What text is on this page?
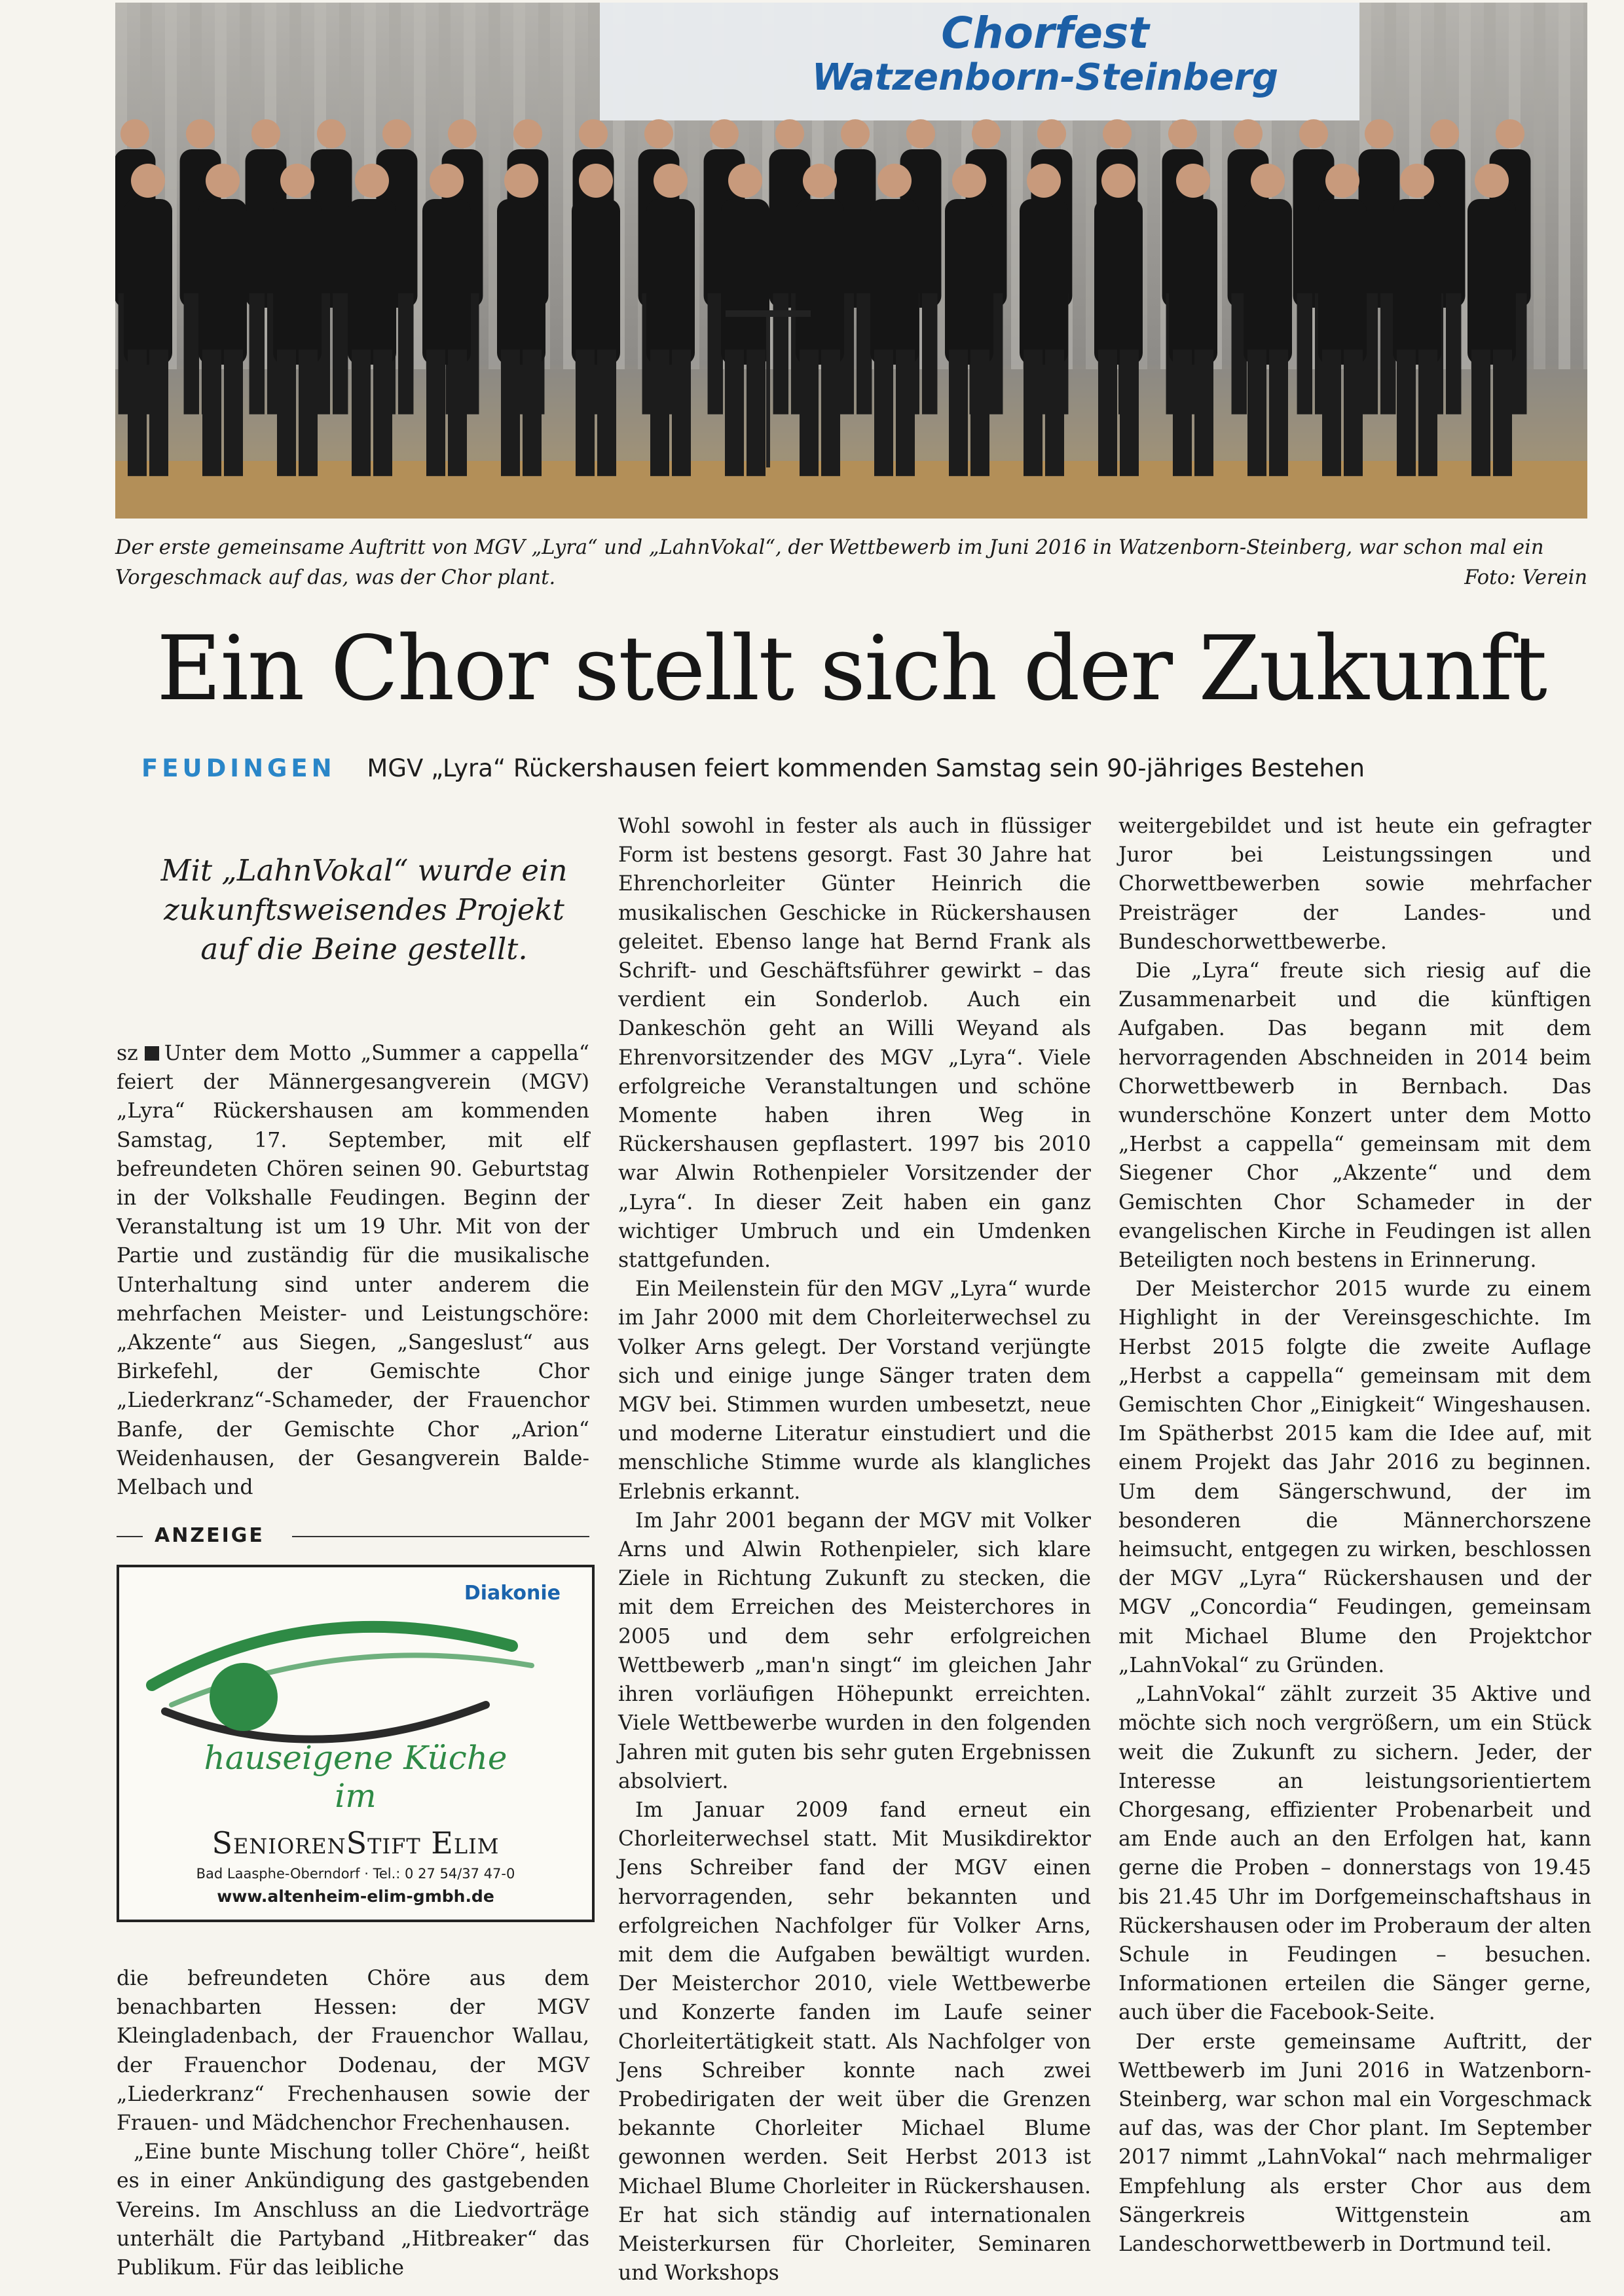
Chorfest
Watzenborn-Steinberg
Der erste gemeinsame Auftritt von MGV „Lyra“ und „LahnVokal“, der Wettbewerb im Juni 2016 in Watzenborn-Steinberg, war schon mal ein Vorgeschmack auf das, was der Chor plant.	Foto: Verein
Ein Chor stellt sich der Zukunft
FEUDINGEN MGV „Lyra“ Rückershausen feiert kommenden Samstag sein 90-jähriges Bestehen
Mit „LahnVokal“ wurde ein zukunftsweisendes Projekt auf die Beine gestellt.

sz Unter dem Motto „Summer a cappella“ feiert der Männergesangverein (MGV) „Lyra“ Rückershausen am kommenden Samstag, 17. September, mit elf befreundeten Chören seinen 90. Geburtstag in der Volkshalle Feudingen. Beginn der Veranstaltung ist um 19 Uhr. Mit von der Partie und zuständig für die musikalische Unterhaltung sind unter anderem die mehrfachen Meister- und Leistungschöre: „Akzente“ aus Siegen, „Sangeslust“ aus Birkefehl, der Gemischte Chor „Liederkranz“-Schameder, der Frauenchor Banfe, der Gemischte Chor „Arion“ Weidenhausen, der Gesangverein Balde-Melbach und

ANZEIGE
Diakonie
hauseigene Küche
im
SeniorenStift Elim
Bad Laasphe-Oberndorf · Tel.: 0 27 54/37 47-0
www.altenheim-elim-gmbh.de

die befreundeten Chöre aus dem benachbarten Hessen: der MGV Kleingladenbach, der Frauenchor Wallau, der Frauenchor Dodenau, der MGV „Liederkranz“ Frechenhausen sowie der Frauen- und Mädchenchor Frechenhausen.

„Eine bunte Mischung toller Chöre“, heißt es in einer Ankündigung des gastgebenden Vereins. Im Anschluss an die Liedvorträge unterhält die Partyband „Hitbreaker“ das Publikum. Für das leibliche

Wohl sowohl in fester als auch in flüssiger Form ist bestens gesorgt. Fast 30 Jahre hat Ehrenchorleiter Günter Heinrich die musikalischen Geschicke in Rückershausen geleitet. Ebenso lange hat Bernd Frank als Schrift- und Geschäftsführer gewirkt – das verdient ein Sonderlob. Auch ein Dankeschön geht an Willi Weyand als Ehrenvorsitzender des MGV „Lyra“. Viele erfolgreiche Veranstaltungen und schöne Momente haben ihren Weg in Rückershausen gepflastert. 1997 bis 2010 war Alwin Rothenpieler Vorsitzender der „Lyra“. In dieser Zeit haben ein ganz wichtiger Umbruch und ein Umdenken stattgefunden.

Ein Meilenstein für den MGV „Lyra“ wurde im Jahr 2000 mit dem Chorleiterwechsel zu Volker Arns gelegt. Der Vorstand verjüngte sich und einige junge Sänger traten dem MGV bei. Stimmen wurden umbesetzt, neue und moderne Literatur einstudiert und die menschliche Stimme wurde als klangliches Erlebnis erkannt.

Im Jahr 2001 begann der MGV mit Volker Arns und Alwin Rothenpieler, sich klare Ziele in Richtung Zukunft zu stecken, die mit dem Erreichen des Meisterchores in 2005 und dem sehr erfolgreichen Wettbewerb „man'n singt“ im gleichen Jahr ihren vorläufigen Höhepunkt erreichten. Viele Wettbewerbe wurden in den folgenden Jahren mit guten bis sehr guten Ergebnissen absolviert.

Im Januar 2009 fand erneut ein Chorleiterwechsel statt. Mit Musikdirektor Jens Schreiber fand der MGV einen hervorragenden, sehr bekannten und erfolgreichen Nachfolger für Volker Arns, mit dem die Aufgaben bewältigt wurden. Der Meisterchor 2010, viele Wettbewerbe und Konzerte fanden im Laufe seiner Chorleitertätigkeit statt. Als Nachfolger von Jens Schreiber konnte nach zwei Probedirigaten der weit über die Grenzen bekannte Chorleiter Michael Blume gewonnen werden. Seit Herbst 2013 ist Michael Blume Chorleiter in Rückershausen. Er hat sich ständig auf internationalen Meisterkursen für Chorleiter, Seminaren und Workshops

weitergebildet und ist heute ein gefragter Juror bei Leistungssingen und Chorwettbewerben sowie mehrfacher Preisträger der Landes- und Bundeschorwettbewerbe.

Die „Lyra“ freute sich riesig auf die Zusammenarbeit und die künftigen Aufgaben. Das begann mit dem hervorragenden Abschneiden in 2014 beim Chorwettbewerb in Bernbach. Das wunderschöne Konzert unter dem Motto „Herbst a cappella“ gemeinsam mit dem Siegener Chor „Akzente“ und dem Gemischten Chor Schameder in der evangelischen Kirche in Feudingen ist allen Beteiligten noch bestens in Erinnerung.

Der Meisterchor 2015 wurde zu einem Highlight in der Vereinsgeschichte. Im Herbst 2015 folgte die zweite Auflage „Herbst a cappella“ gemeinsam mit dem Gemischten Chor „Einigkeit“ Wingeshausen. Im Spätherbst 2015 kam die Idee auf, mit einem Projekt das Jahr 2016 zu beginnen. Um dem Sängerschwund, der im besonderen die Männerchorszene heimsucht, entgegen zu wirken, beschlossen der MGV „Lyra“ Rückershausen und der MGV „Concordia“ Feudingen, gemeinsam mit Michael Blume den Projektchor „LahnVokal“ zu Gründen.

„LahnVokal“ zählt zurzeit 35 Aktive und möchte sich noch vergrößern, um ein Stück weit die Zukunft zu sichern. Jeder, der Interesse an leistungsorientiertem Chorgesang, effizienter Probenarbeit und am Ende auch an den Erfolgen hat, kann gerne die Proben – donnerstags von 19.45 bis 21.45 Uhr im Dorfgemeinschaftshaus in Rückershausen oder im Proberaum der alten Schule in Feudingen – besuchen. Informationen erteilen die Sänger gerne, auch über die Facebook-Seite.

Der erste gemeinsame Auftritt, der Wettbewerb im Juni 2016 in Watzenborn-Steinberg, war schon mal ein Vorgeschmack auf das, was der Chor plant. Im September 2017 nimmt „LahnVokal“ nach mehrmaliger Empfehlung als erster Chor aus dem Sängerkreis Wittgenstein am Landeschorwettbewerb in Dortmund teil.
